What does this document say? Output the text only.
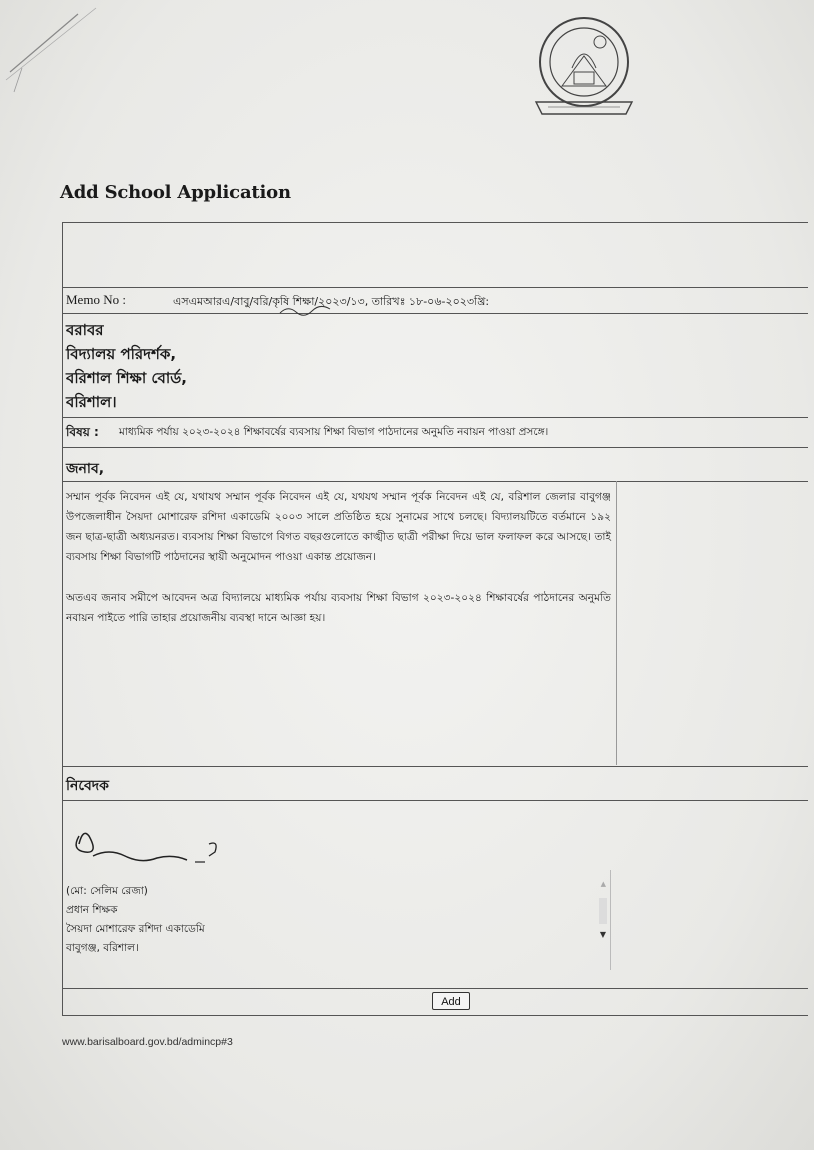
Add School Application
Memo No :	এসএমআরএ/বাবু/বরি/কৃষি শিক্ষা/২০২৩/১৩, তারিখঃ ১৮-০৬-২০২৩খ্রি:
বরাবর
বিদ্যালয় পরিদর্শক,
বরিশাল শিক্ষা বোর্ড,
বরিশাল।
বিষয় : মাধ্যমিক পর্যায় ২০২৩-২০২৪ শিক্ষাবর্ষের ব্যবসায় শিক্ষা বিভাগ পাঠদানের অনুমতি নবায়ন পাওয়া প্রসঙ্গে।
জনাব,

সম্মান পূর্বক নিবেদন এই যে, যথাযথ সম্মান পূর্বক নিবেদন এই যে, যথযথ সম্মান পূর্বক নিবেদন এই যে, বরিশাল জেলার বাবুগঞ্জ উপজেলাধীন সৈয়দা মোশারেফ রশিদা একাডেমি ২০০৩ সালে প্রতিষ্ঠিত হয়ে সুনামের সাথে চলছে। বিদ্যালয়টিতে বর্তমানে ১৯২ জন ছাত্র-ছাত্রী অধ্যয়নরত। ব্যবসায় শিক্ষা বিভাগে বিগত বছরগুলোতে কাঙ্খীত ছাত্রী পরীক্ষা দিয়ে ভাল ফলাফল করে আসছে। তাই ব্যবসায় শিক্ষা বিভাগটি পাঠদানের স্থায়ী অনুমোদন পাওয়া একান্ত প্রয়োজন।

অতএব জনাব সমীপে আবেদন অত্র বিদ্যালয়ে মাধ্যমিক পর্যায় ব্যবসায় শিক্ষা বিভাগ ২০২৩-২০২৪ শিক্ষাবর্ষের পাঠদানের অনুমতি নবায়ন পাইতে পারি তাহার প্রয়োজনীয় ব্যবস্থা দানে আজ্ঞা হয়।

নিবেদক
(মো: সেলিম রেজা)
প্রধান শিক্ষক
সৈয়দা মোশারেফ রশিদা একাডেমি
বাবুগঞ্জ, বরিশাল।
▲
▼
Add
www.barisalboard.gov.bd/admincp#3
